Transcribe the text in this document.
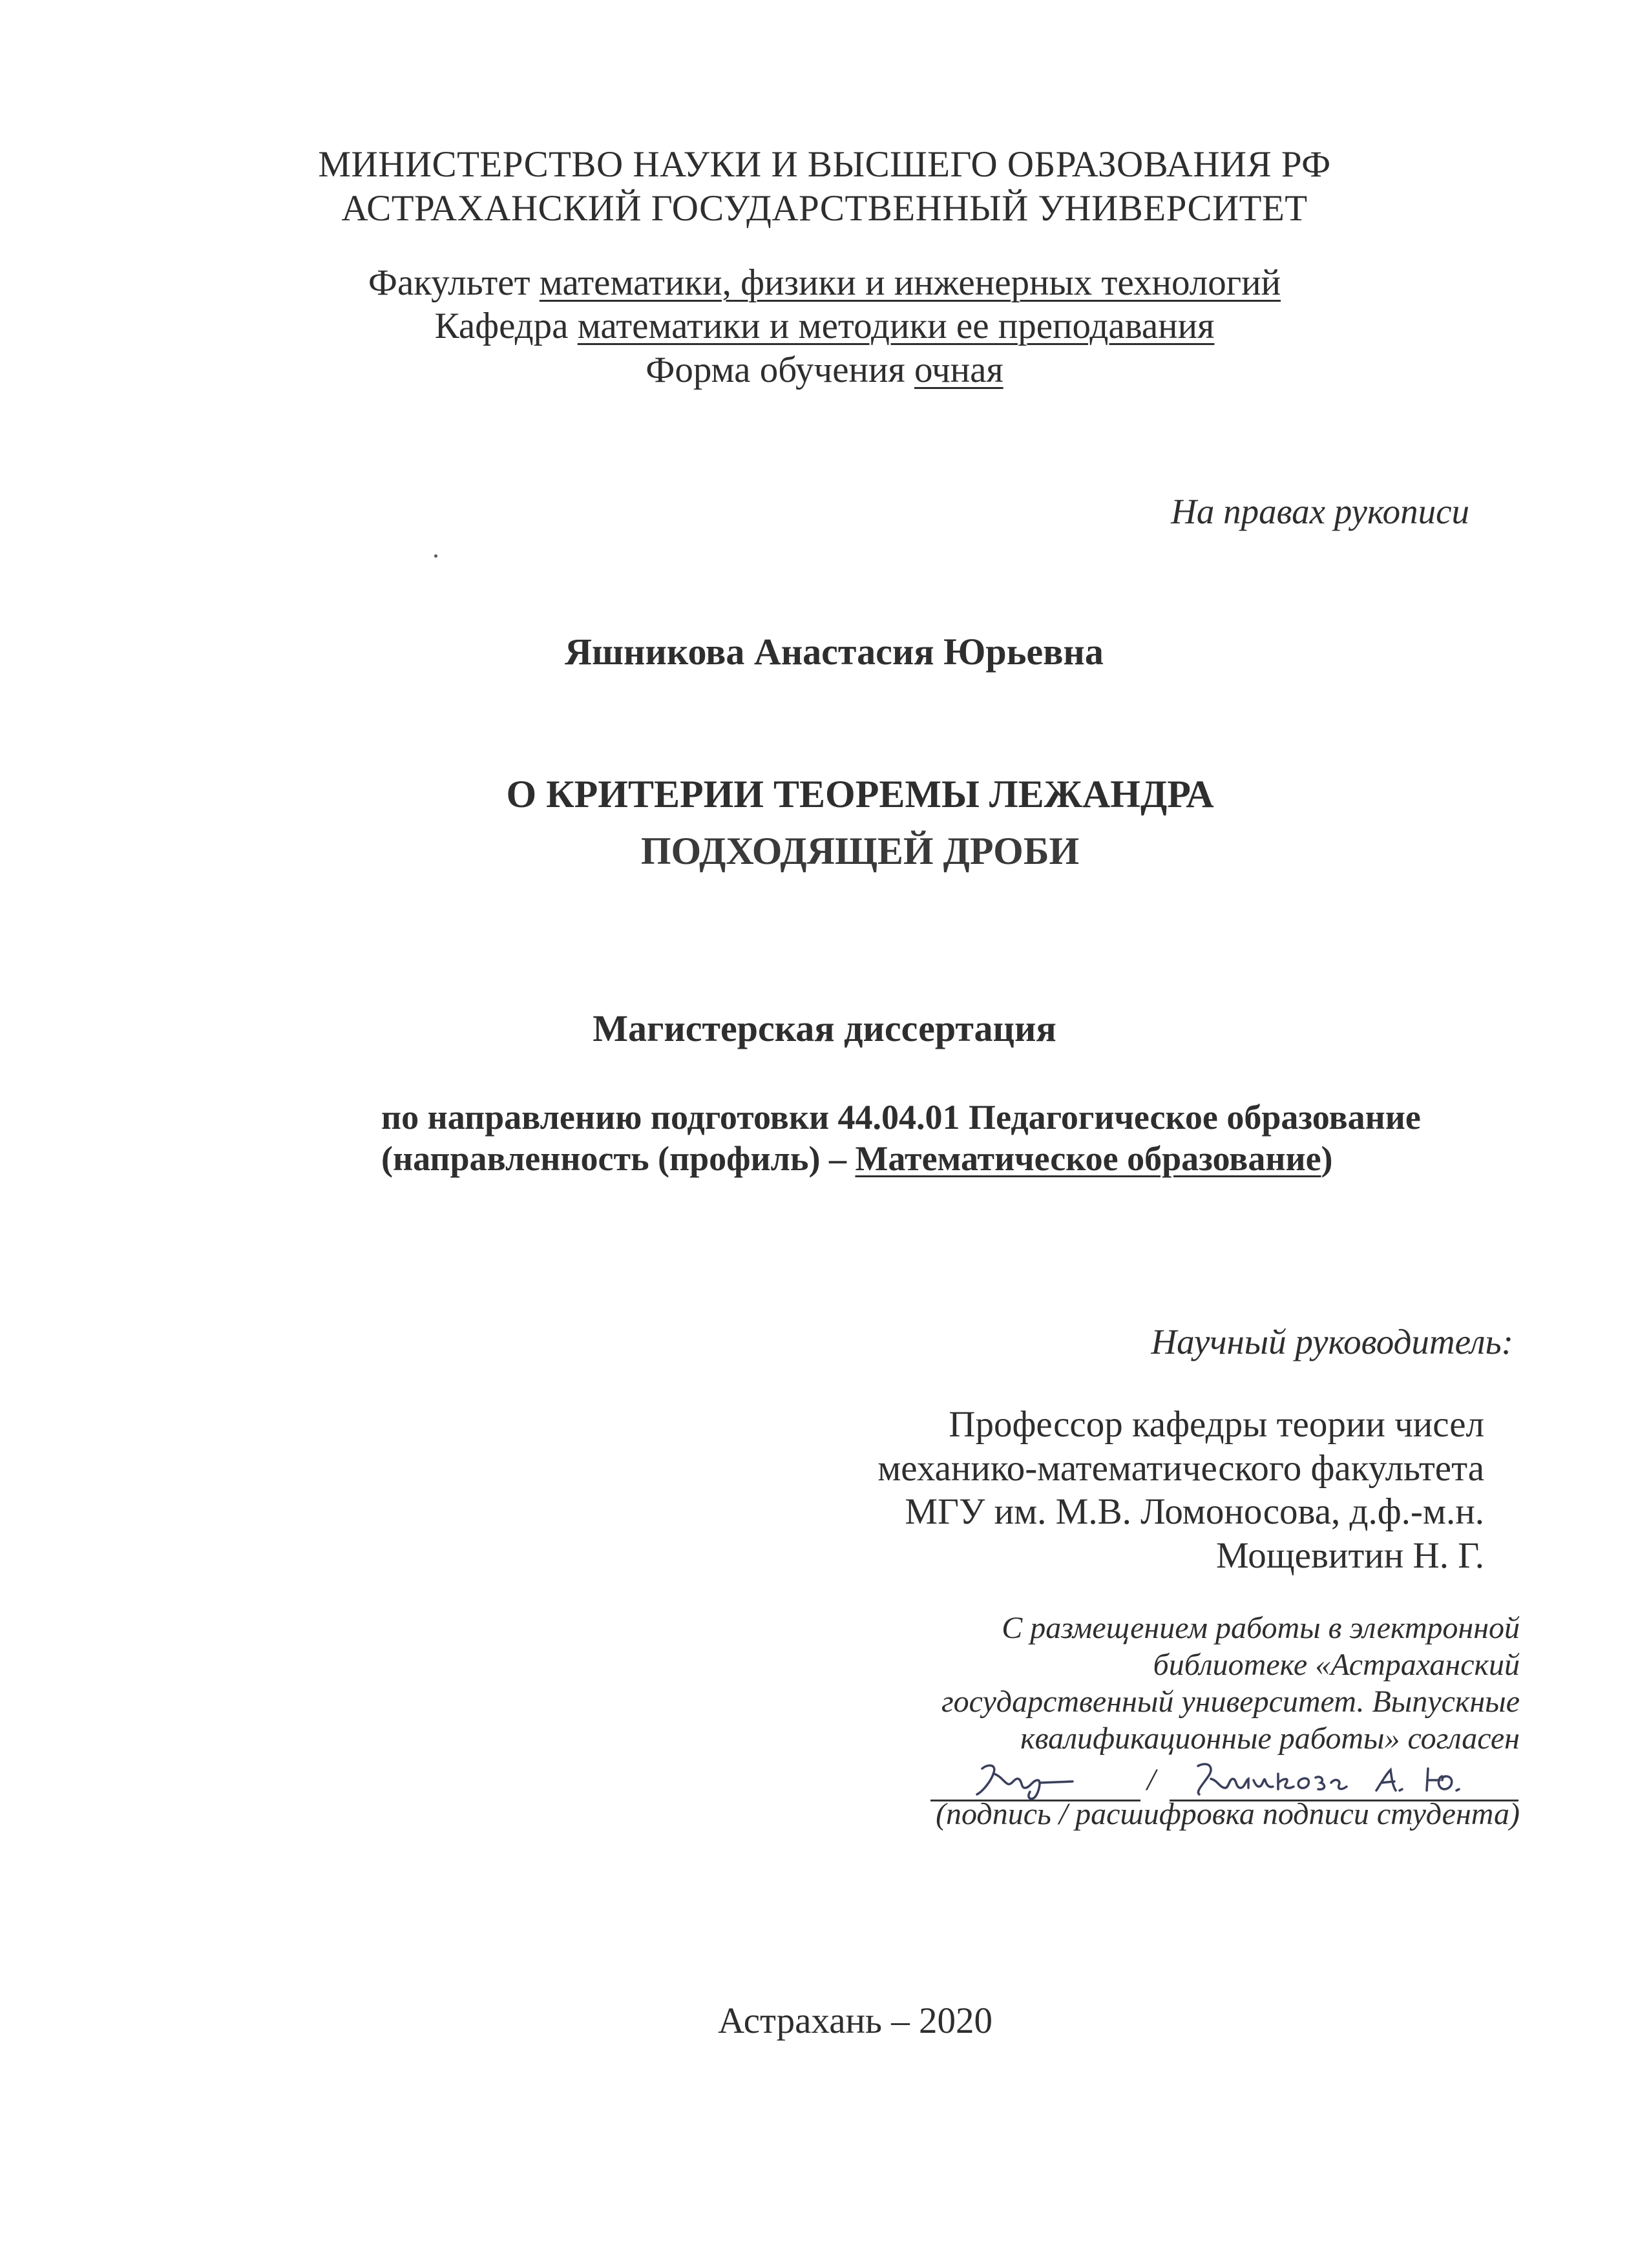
МИНИСТЕРСТВО НАУКИ И ВЫСШЕГО ОБРАЗОВАНИЯ РФ
АСТРАХАНСКИЙ ГОСУДАРСТВЕННЫЙ УНИВЕРСИТЕТ
Факультет математики, физики и инженерных технологий
Кафедра математики и методики ее преподавания
Форма обучения очная
На правах рукописи
Яшникова Анастасия Юрьевна
О КРИТЕРИИ ТЕОРЕМЫ ЛЕЖАНДРА
ПОДХОДЯЩЕЙ ДРОБИ
Магистерская диссертация
по направлению подготовки 44.04.01 Педагогическое образование
(направленность (профиль) – Математическое образование)
Научный руководитель:
Профессор кафедры теории чисел
механико-математического факультета
МГУ им. М.В. Ломоносова, д.ф.-м.н.
Мощевитин Н. Г.
С размещением работы в электронной
библиотеке «Астраханский
государственный университет. Выпускные
квалификационные работы» согласен
/
(подпись / расшифровка подписи студента)
Астрахань – 2020
